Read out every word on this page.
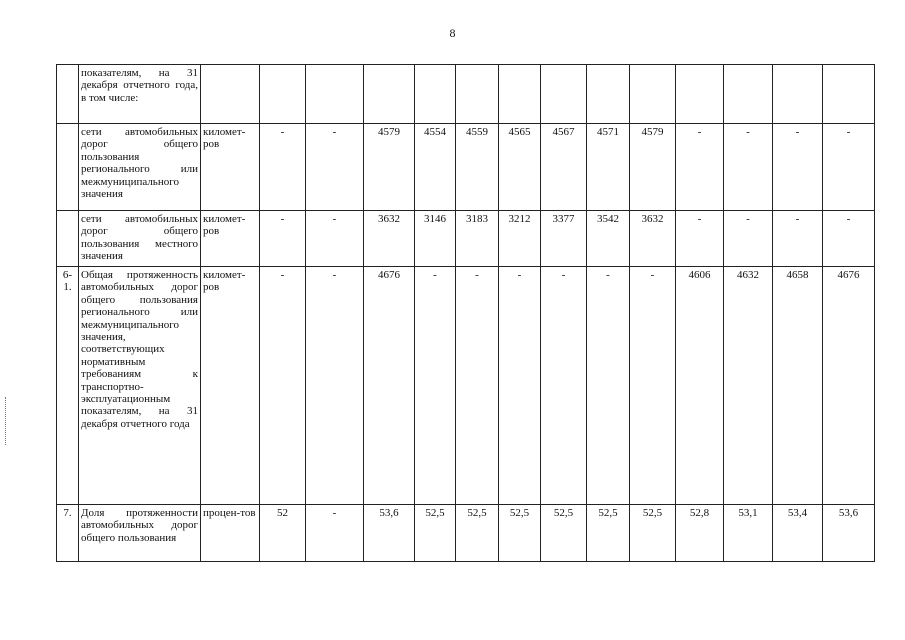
8
	показателям, на 31 декабря отчетного года, в том числе:															
	сети автомобильных дорог общего пользования регионального или межмуниципального значения	километ-ров	-	-	4579	4554	4559	4565	4567	4571	4579	-	-	-	-	
	сети автомобильных дорог общего пользования местного значения	километ-ров	-	-	3632	3146	3183	3212	3377	3542	3632	-	-	-	-	
6-1.	Общая протяженность автомобильных дорог общего пользования регионального или межмуниципального значения, соответствующих нормативным требованиям к транспортно-эксплуатационным показателям, на 31 декабря отчетного года	километ-ров	-	-	4676	-	-	-	-	-	-	4606	4632	4658	4676	
7.	Доля протяженности автомобильных дорог общего пользования	процен-тов	52	-	53,6	52,5	52,5	52,5	52,5	52,5	52,5	52,8	53,1	53,4	53,6	
